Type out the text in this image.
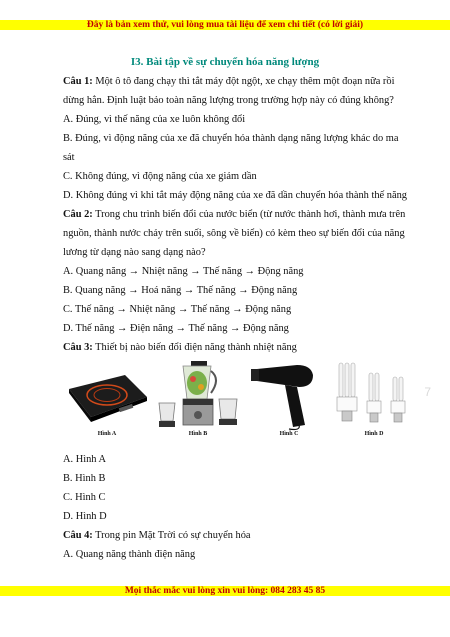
Đây là bản xem thử, vui lòng mua tài liệu để xem chi tiết (có lời giải)
I3. Bài tập về sự chuyển hóa năng lượng

Câu 1: Một ô tô đang chạy thì tắt máy đột ngột, xe chạy thêm một đoạn nữa rồi dừng hẳn. Định luật bảo toàn năng lượng trong trường hợp này có đúng không?

A. Đúng, vì thế năng của xe luôn không đổi

B. Đúng, vì động năng của xe đã chuyển hóa thành dạng năng lượng khác do ma sát

C. Không đúng, vì động năng của xe giảm dần

D. Không đúng vì khi tắt máy động năng của xe đã dần chuyển hóa thành thế năng

Câu 2: Trong chu trình biến đổi của nước biển (từ nước thành hơi, thành mưa trên nguồn, thành nước chảy trên suối, sông về biển) có kèm theo sự biến đổi của năng lương từ dạng nào sang dạng nào?

A. Quang năng → Nhiệt năng → Thế năng → Động năng

B. Quang năng → Hoá năng → Thế năng → Động năng

C. Thế năng → Nhiệt năng → Thế năng → Động năng

D. Thế năng → Điện năng → Thế năng → Động năng

Câu 3: Thiết bị nào biến đổi điện năng thành nhiệt năng

Hình A	Hình B	Hình C	Hình D
7

A. Hình A

B. Hình B

C. Hình C

D. Hình D

Câu 4: Trong pin Mặt Trời có sự chuyển hóa

A. Quang năng thành điện năng

Mọi thắc mắc vui lòng xin vui lòng: 084 283 45 85
